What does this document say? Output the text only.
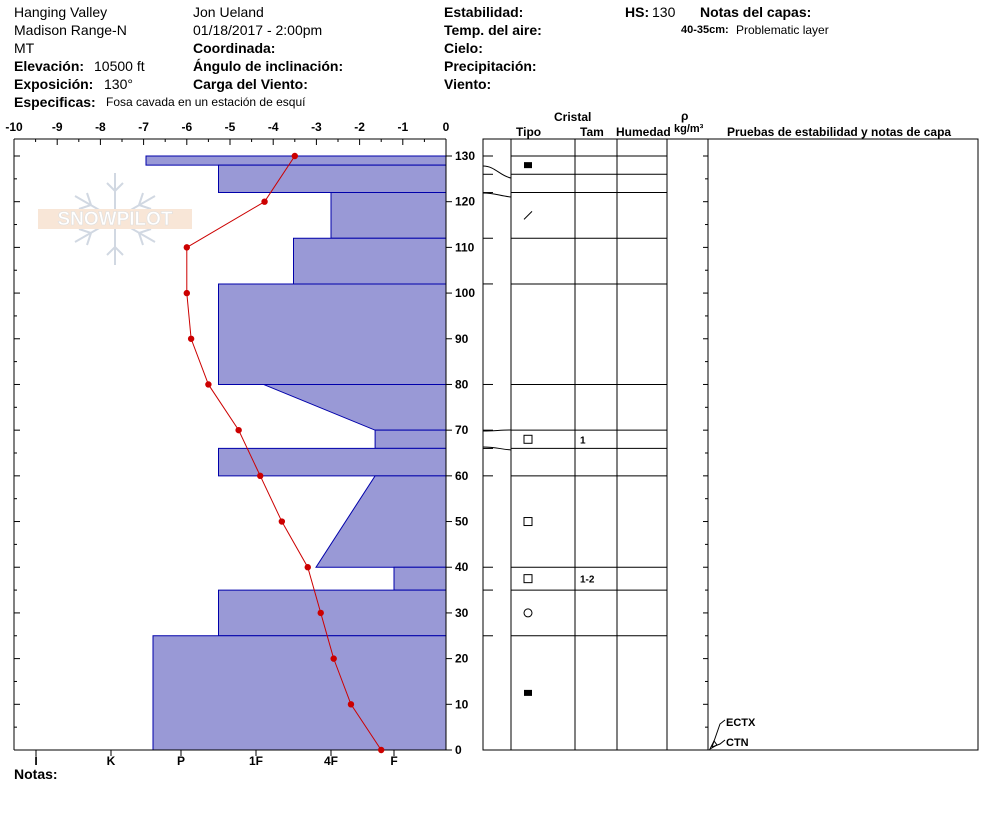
Hanging Valley
Madison Range-N
MT
Elevación: 10500 ft
Exposición: 130°
Especificas: Fosa cavada en un estación de esquí
Jon Ueland
01/18/2017 - 2:00pm
Coordinada:
Ángulo de inclinación:
Carga del Viento:
Estabilidad:
Temp. del aire:
Cielo:
Precipitación:
Viento:
HS: 130 Notas del capas:
40-35cm: Problematic layer
Notas:
Cristal
Tipo	Tam Humedad
ρ
kg/m³ Pruebas de estabilidad y notas de capa
SNOWPILOT
-10 -9	-8	-7	-6	-5	-4	-3	-2	-1	0
0
10
20
30
40
50
60
70
80
90
100
110
120
130
I	K	P	1F	4F	F
1
1-2
ECTX
CTN
